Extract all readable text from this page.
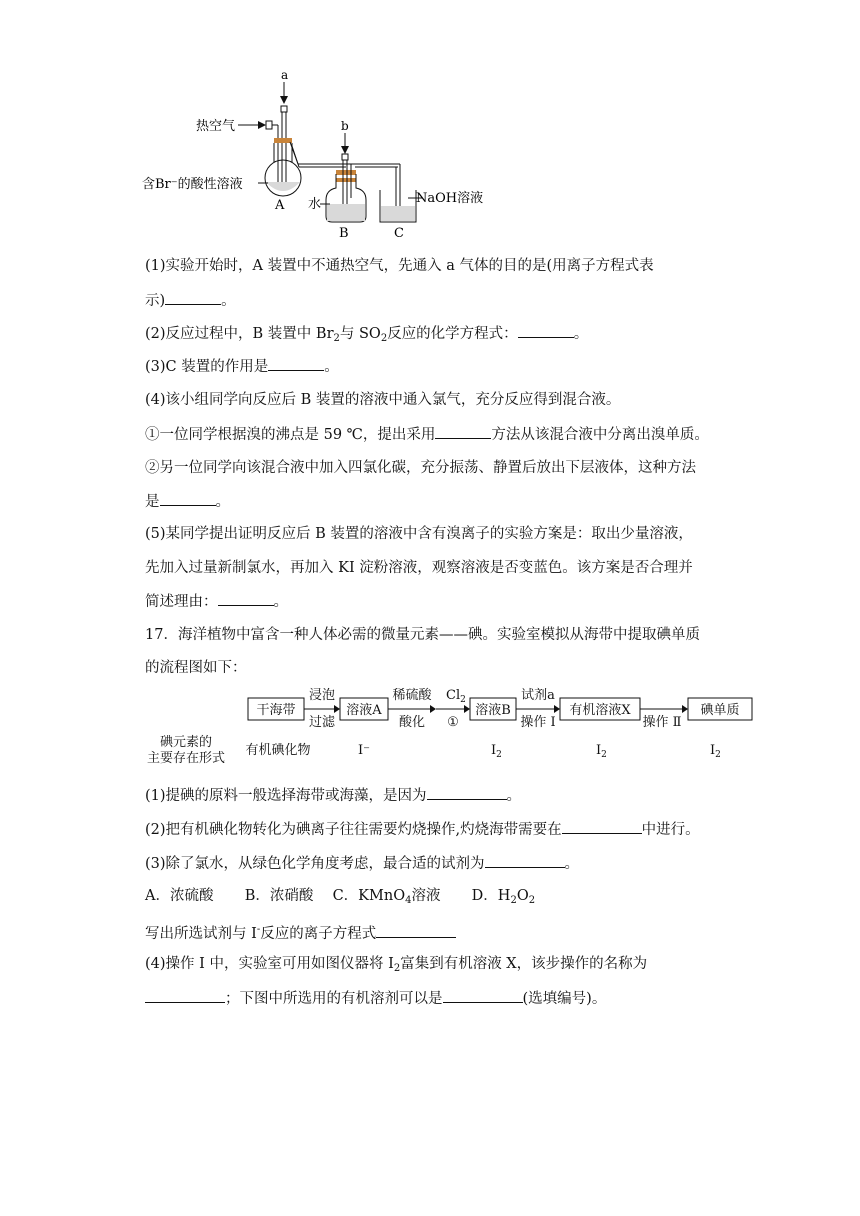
a
热空气
含Br⁻的酸性溶液
A
b
水
B
NaOH溶液
C
(1)实验开始时，A 装置中不通热空气，先通入 a 气体的目的是(用离子方程式表
示)	。
(2)反应过程中，B 装置中 $Br_2$与 $SO_2$反应的化学方程式：	。
(3)C 装置的作用是	。
(4)该小组同学向反应后 B 装置的溶液中通入氯气，充分反应得到混合液。
①一位同学根据溴的沸点是 59 ℃，提出采用	方法从该混合液中分离出溴单质。
②另一位同学向该混合液中加入四氯化碳，充分振荡、静置后放出下层液体，这种方法
是	。
(5)某同学提出证明反应后 B 装置的溶液中含有溴离子的实验方案是：取出少量溶液，
先加入过量新制氯水，再加入 KI 淀粉溶液，观察溶液是否变蓝色。该方案是否合理并
简述理由：	。
17．海洋植物中富含一种人体必需的微量元素——碘。实验室模拟从海带中提取碘单质
的流程图如下：
干海带	溶液A	溶液B	有机溶液X	碘单质
浸泡
过滤
稀硫酸
酸化
$Cl_2$
①
试剂a
操作 Ⅰ	操作 Ⅱ
碘元素的
主要存在形式
有机碘化物	I⁻	$I_2$	$I_2$	$I_2$
(1)提碘的原料一般选择海带或海藻，是因为	。
(2)把有机碘化物转化为碘离子往往需要灼烧操作,灼烧海带需要在	中进行。
(3)除了氯水，从绿色化学角度考虑，最合适的试剂为	。
A．浓硫酸 B．浓硝酸 C．KMnO$_4$溶液 D．$H_2O_2$
写出所选试剂与 I-反应的离子方程式
(4)操作 I 中，实验室可用如图仪器将 $I_2$富集到有机溶液 X，该步操作的名称为
；下图中所选用的有机溶剂可以是	(选填编号)。
